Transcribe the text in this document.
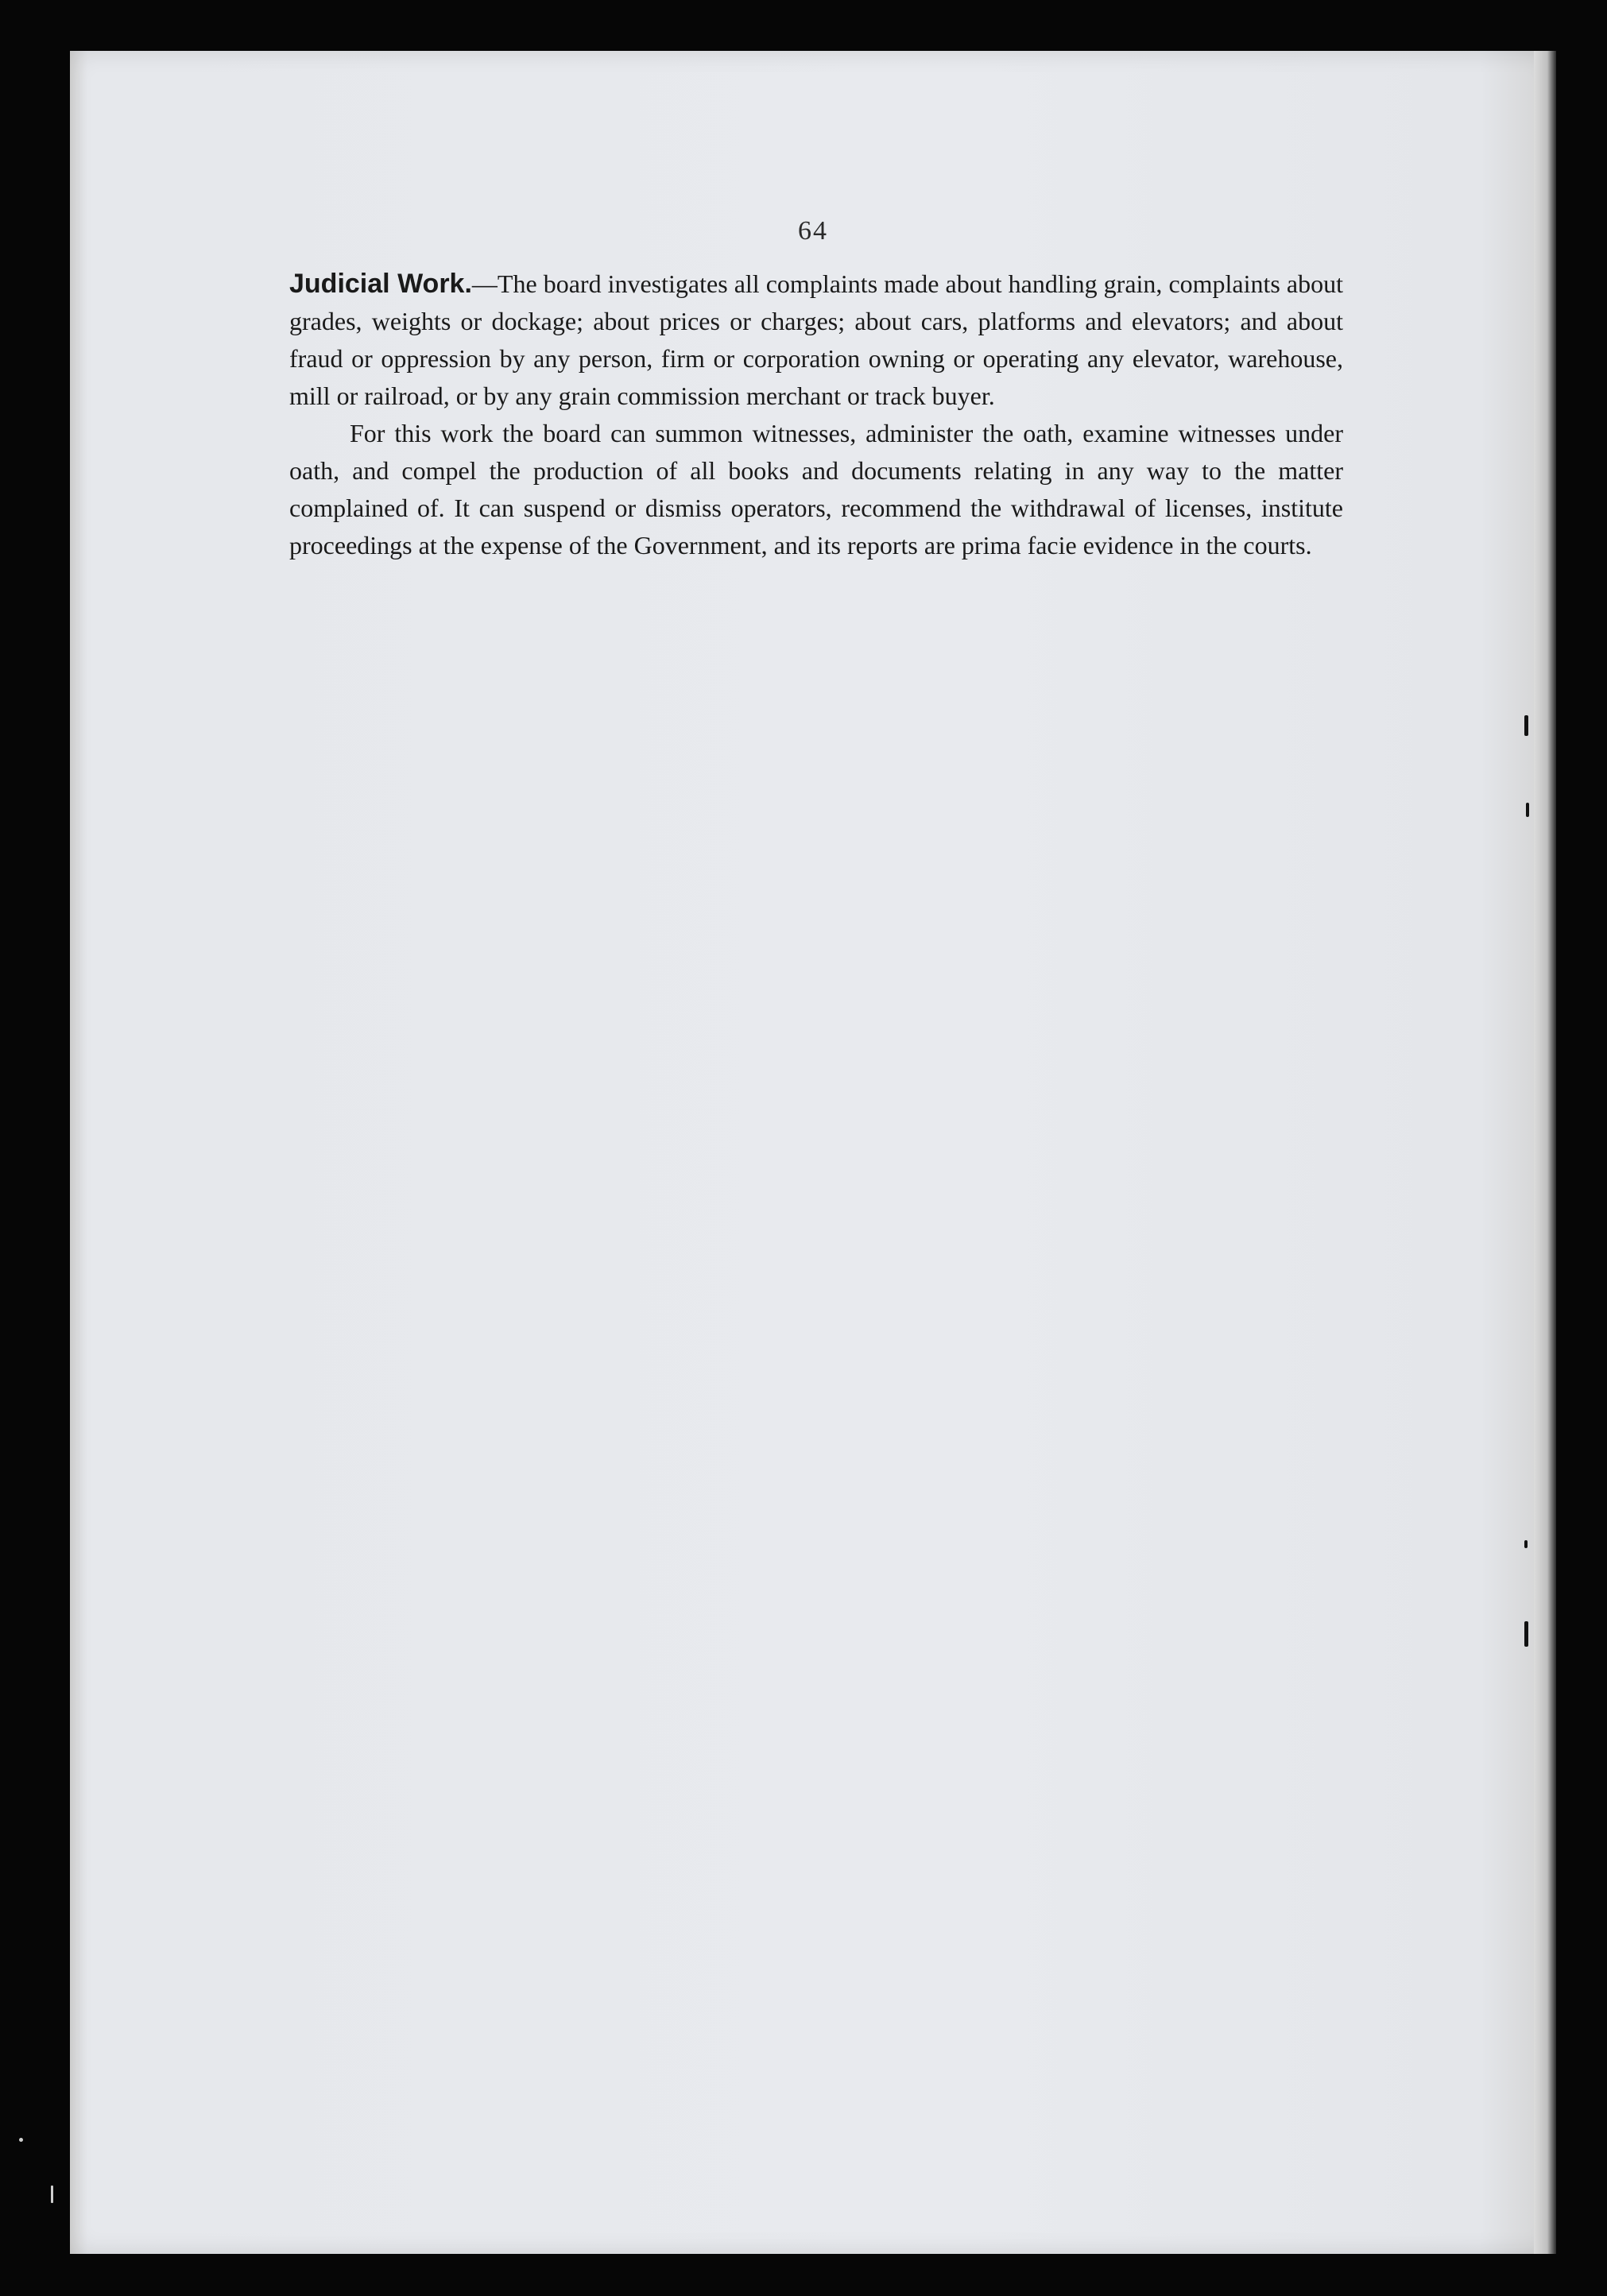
64

Judicial Work.—The board investigates all complaints made about handling grain, complaints about grades, weights or dockage; about prices or charges; about cars, platforms and elevators; and about fraud or oppression by any person, firm or corporation owning or operating any elevator, warehouse, mill or railroad, or by any grain commission merchant or track buyer.

For this work the board can summon witnesses, administer the oath, examine witnesses under oath, and compel the production of all books and documents relating in any way to the matter complained of. It can suspend or dismiss operators, recommend the withdrawal of licenses, institute proceedings at the expense of the Government, and its reports are prima facie evidence in the courts.
